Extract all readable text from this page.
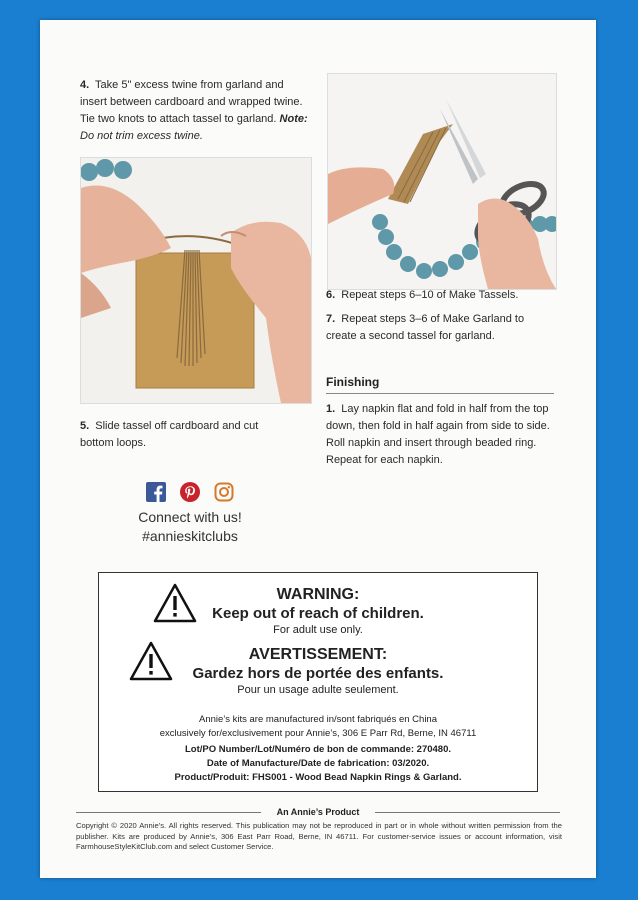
4. Take 5" excess twine from garland and insert between cardboard and wrapped twine. Tie two knots to attach tassel to garland. Note: Do not trim excess twine.
6. Repeat steps 6–10 of Make Tassels.
7. Repeat steps 3–6 of Make Garland to create a second tassel for garland.
Finishing
1. Lay napkin flat and fold in half from the top down, then fold in half again from side to side. Roll napkin and insert through beaded ring. Repeat for each napkin.
5. Slide tassel off cardboard and cut bottom loops.
Connect with us!
#annieskitclubs
WARNING:
Keep out of reach of children.
For adult use only.
AVERTISSEMENT:
Gardez hors de portée des enfants.
Pour un usage adulte seulement.
Annie’s kits are manufactured in/sont fabriqués en China
exclusively for/exclusivement pour Annie’s, 306 E Parr Rd, Berne, IN 46711
Lot/PO Number/Lot/Numéro de bon de commande: 270480.
Date of Manufacture/Date de fabrication: 03/2020.
Product/Produit: FHS001 - Wood Bead Napkin Rings & Garland.
An Annie’s Product
Copyright © 2020 Annie’s. All rights reserved. This publication may not be reproduced in part or in whole without written permission from the publisher. Kits are produced by Annie’s, 306 East Parr Road, Berne, IN 46711. For customer-service issues or account information, visit FarmhouseStyleKitClub.com and select Customer Service.
